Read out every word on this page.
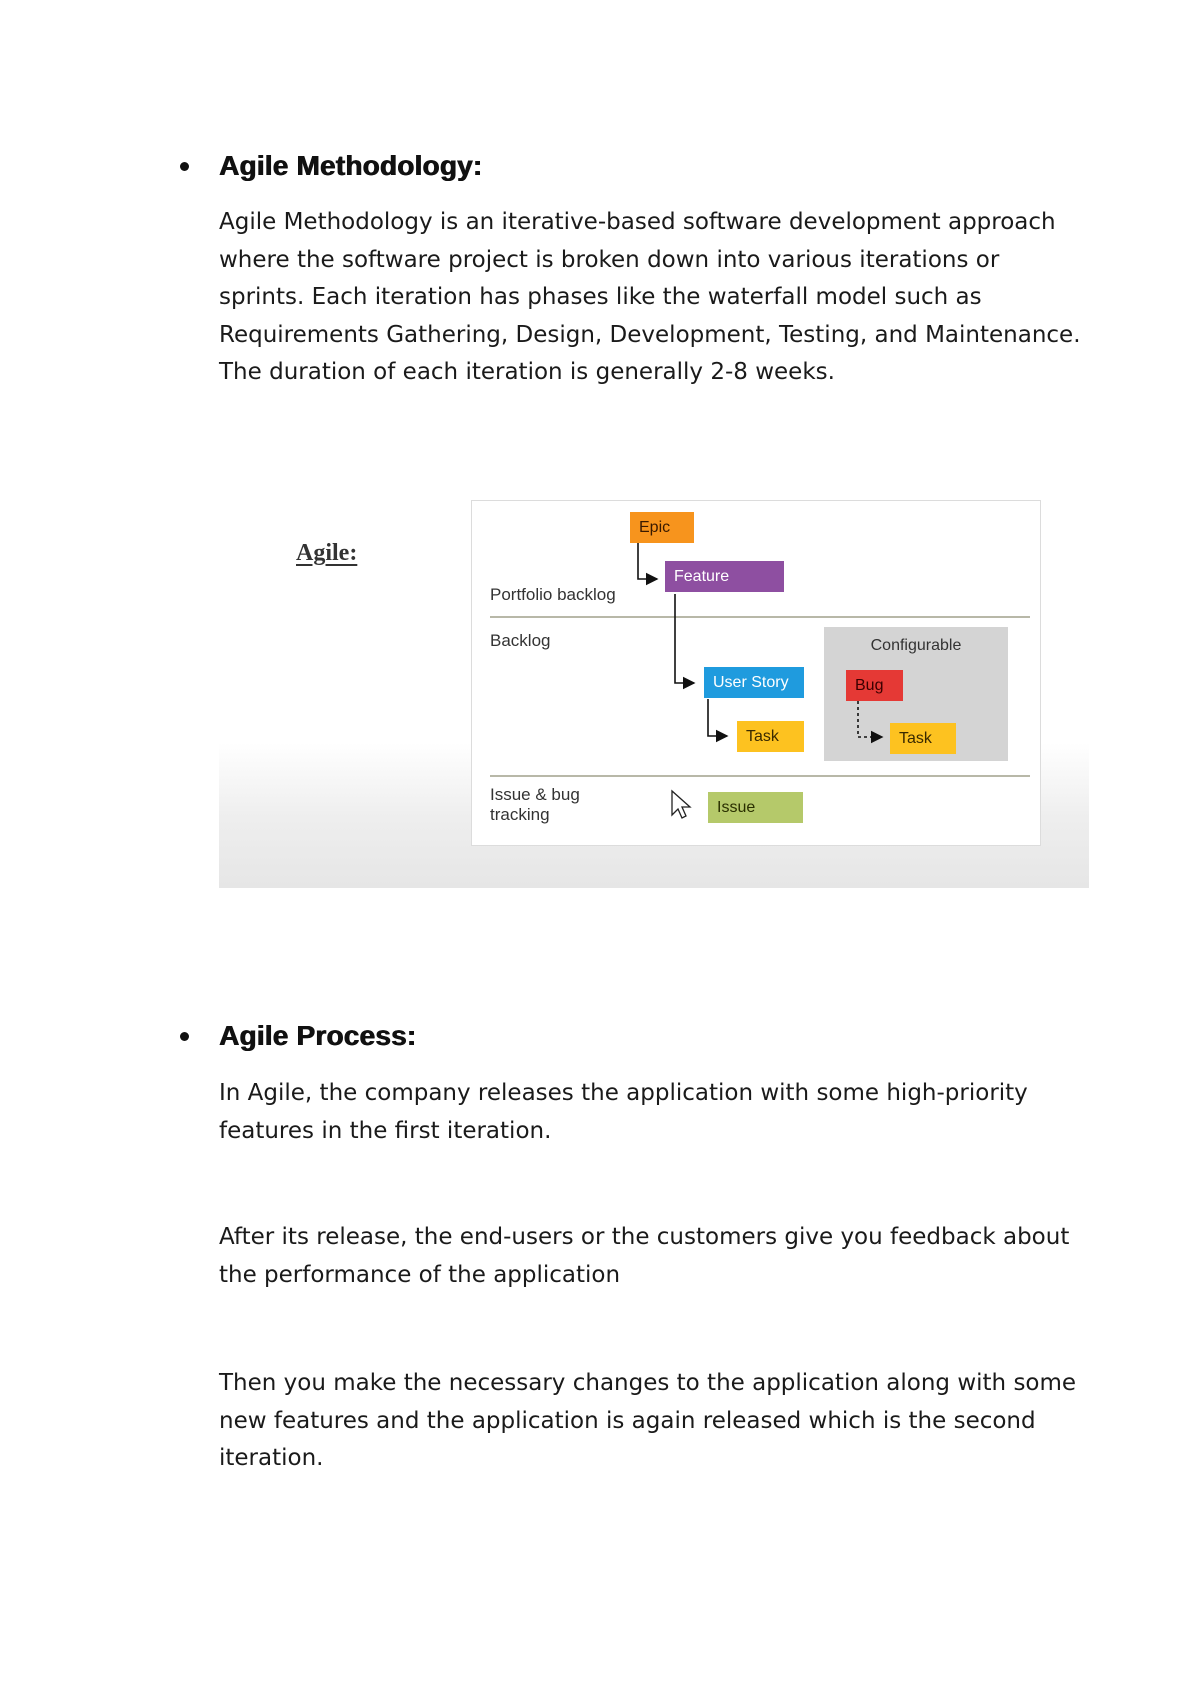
Agile Methodology:

Agile Methodology is an iterative-based software development approach where the software project is broken down into various iterations or sprints. Each iteration has phases like the waterfall model such as Requirements Gathering, Design, Development, Testing, and Maintenance. The duration of each iteration is generally 2-8 weeks.

Agile:
Portfolio backlog
Backlog
Issue & bug
tracking
Configurable
Epic
Feature
User Story
Task
Bug
Task
Issue
Agile Process:

In Agile, the company releases the application with some high-priority features in the first iteration.

After its release, the end-users or the customers give you feedback about the performance of the application

Then you make the necessary changes to the application along with some new features and the application is again released which is the second iteration.
